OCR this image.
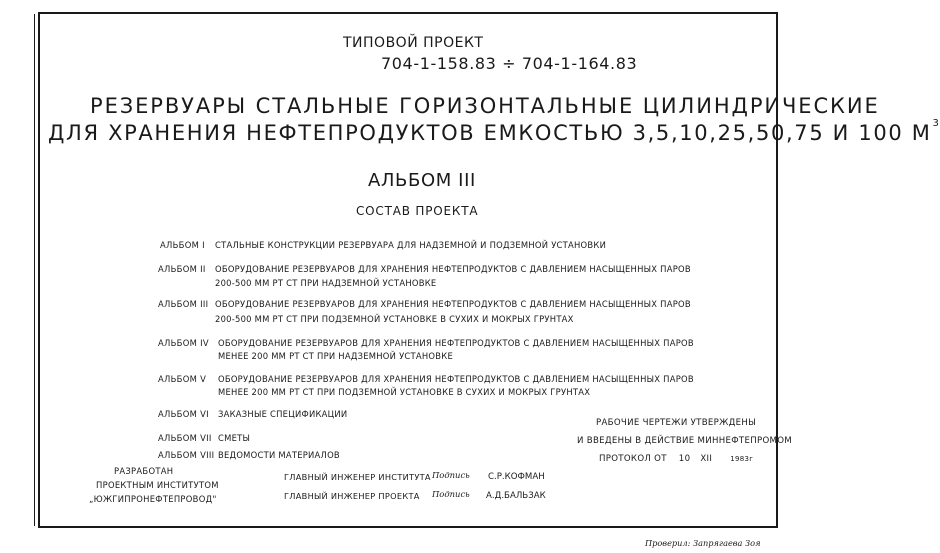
ТИПОВОЙ ПРОЕКТ
704-1-158.83 ÷ 704-1-164.83
РЕЗЕРВУАРЫ СТАЛЬНЫЕ ГОРИЗОНТАЛЬНЫЕ ЦИЛИНДРИЧЕСКИЕ
ДЛЯ ХРАНЕНИЯ НЕФТЕПРОДУКТОВ ЕМКОСТЬЮ 3,5,10,25,50,75 И 100 $М^3$
АЛЬБОМ III
СОСТАВ ПРОЕКТА
АЛЬБОМ I СТАЛЬНЫЕ КОНСТРУКЦИИ РЕЗЕРВУАРА ДЛЯ НАДЗЕМНОЙ И ПОДЗЕМНОЙ УСТАНОВКИ
АЛЬБОМ II ОБОРУДОВАНИЕ РЕЗЕРВУАРОВ ДЛЯ ХРАНЕНИЯ НЕФТЕПРОДУКТОВ С ДАВЛЕНИЕМ НАСЫЩЕННЫХ ПАРОВ
200-500 ММ РТ СТ ПРИ НАДЗЕМНОЙ УСТАНОВКЕ
АЛЬБОМ III ОБОРУДОВАНИЕ РЕЗЕРВУАРОВ ДЛЯ ХРАНЕНИЯ НЕФТЕПРОДУКТОВ С ДАВЛЕНИЕМ НАСЫЩЕННЫХ ПАРОВ
200-500 ММ РТ СТ ПРИ ПОДЗЕМНОЙ УСТАНОВКЕ В СУХИХ И МОКРЫХ ГРУНТАХ
АЛЬБОМ IV ОБОРУДОВАНИЕ РЕЗЕРВУАРОВ ДЛЯ ХРАНЕНИЯ НЕФТЕПРОДУКТОВ С ДАВЛЕНИЕМ НАСЫЩЕННЫХ ПАРОВ
МЕНЕЕ 200 ММ РТ СТ ПРИ НАДЗЕМНОЙ УСТАНОВКЕ
АЛЬБОМ V ОБОРУДОВАНИЕ РЕЗЕРВУАРОВ ДЛЯ ХРАНЕНИЯ НЕФТЕПРОДУКТОВ С ДАВЛЕНИЕМ НАСЫЩЕННЫХ ПАРОВ
МЕНЕЕ 200 ММ РТ СТ ПРИ ПОДЗЕМНОЙ УСТАНОВКЕ В СУХИХ И МОКРЫХ ГРУНТАХ
АЛЬБОМ VI ЗАКАЗНЫЕ СПЕЦИФИКАЦИИ
АЛЬБОМ VII СМЕТЫ
АЛЬБОМ VIII ВЕДОМОСТИ МАТЕРИАЛОВ
РАБОЧИЕ ЧЕРТЕЖИ УТВЕРЖДЕНЫ
И ВВЕДЕНЫ В ДЕЙСТВИЕ МИННЕФТЕПРОМОМ
ПРОТОКОЛ ОТ 10 XII	1983г
РАЗРАБОТАН
ПРОЕКТНЫМ ИНСТИТУТОМ
„ЮЖГИПРОНЕФТЕПРОВОД"
ГЛАВНЫЙ ИНЖЕНЕР ИНСТИТУТА Подпись С.Р.КОФМАН
ГЛАВНЫЙ ИНЖЕНЕР ПРОЕКТА Подпись А.Д.БАЛЬЗАК
Проверил: Запрягаева Зоя
